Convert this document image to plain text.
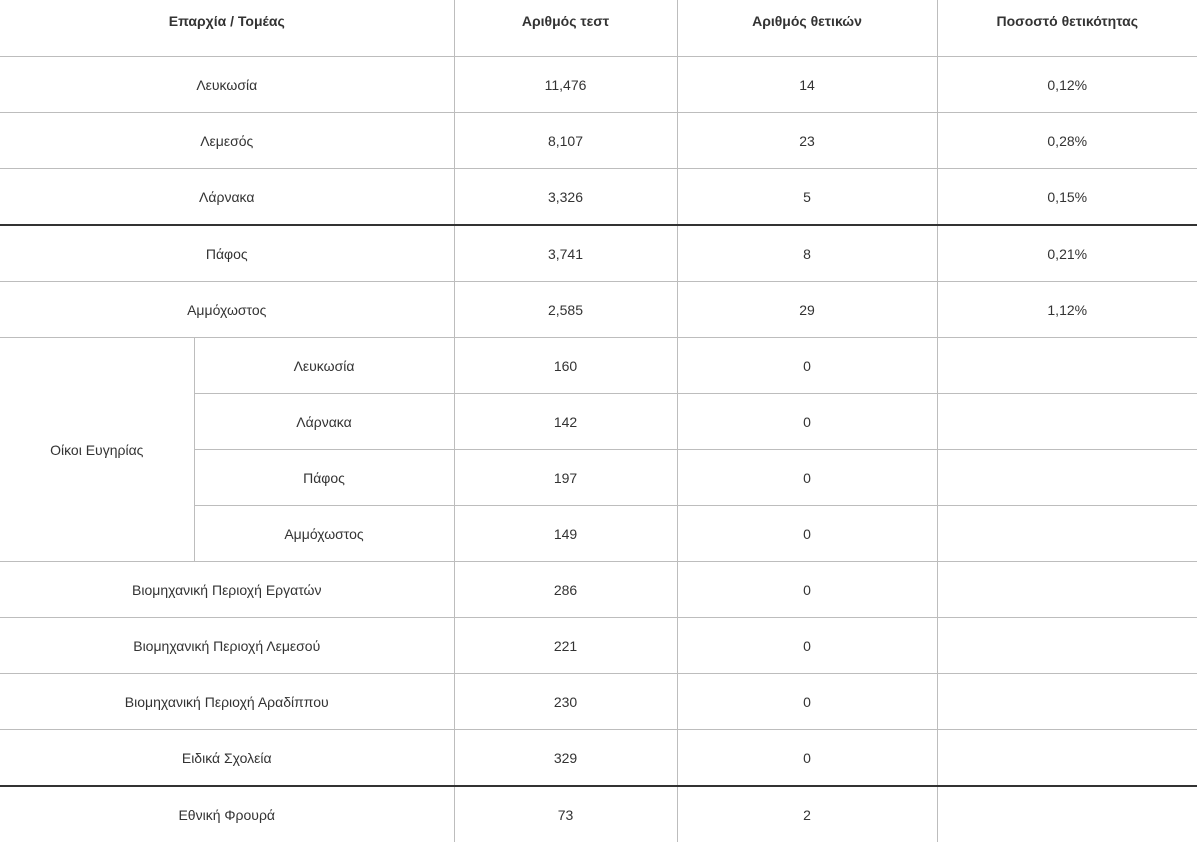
Επαρχία / Τομέας		Αριθμός τεστ	Αριθμός θετικών	Ποσοστό θετικότητας
Λευκωσία		11,476	14	0,12%
Λεμεσός		8,107	23	0,28%
Λάρνακα		3,326	5	0,15%
Πάφος		3,741	8	0,21%
Αμμόχωστος		2,585	29	1,12%
Οίκοι Ευγηρίας	Λευκωσία	160	0	
	Λάρνακα	142	0	
	Πάφος	197	0	
	Αμμόχωστος	149	0	
Βιομηχανική Περιοχή Εργατών		286	0	
Βιομηχανική Περιοχή Λεμεσού		221	0	
Βιομηχανική Περιοχή Αραδίππου		230	0	
Ειδικά Σχολεία		329	0	
Εθνική Φρουρά		73	2	
